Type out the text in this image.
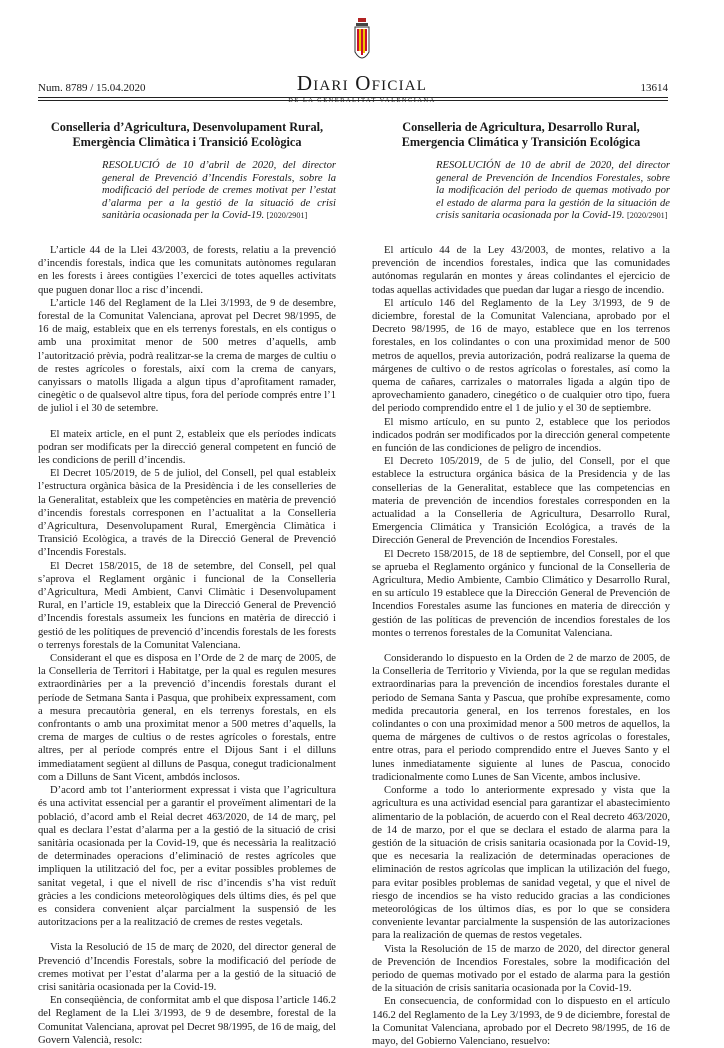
Num. 8789 / 15.04.2020	Diari Oficial
DE LA GENERALITAT VALENCIANA
13614
Conselleria d’Agricultura, Desenvolupament Rural, Emergència Climàtica i Transició Ecològica
RESOLUCIÓ de 10 d’abril de 2020, del director general de Prevenció d’Incendis Forestals, sobre la modificació del període de cremes motivat per l’estat d’alarma per a la gestió de la situació de crisi sanitària ocasionada per la Covid-19. [2020/2901]

L’article 44 de la Llei 43/2003, de forests, relatiu a la prevenció d’incendis forestals, indica que les comunitats autònomes regularan en les forests i àrees contigües l’exercici de totes aquelles activitats que puguen donar lloc a risc d’incendi.

L’article 146 del Reglament de la Llei 3/1993, de 9 de desembre, forestal de la Comunitat Valenciana, aprovat pel Decret 98/1995, de 16 de maig, estableix que en els terrenys forestals, en els contigus o amb una proximitat menor de 500 metres d’aquells, amb l’autorització prèvia, podrà realitzar-se la crema de marges de cultiu o de restes agrícoles o forestals, així com la crema de canyars, canyissars o matolls lligada a algun tipus d’aprofitament ramader, cinegètic o de qualsevol altre tipus, fora del període comprés entre l’1 de juliol i el 30 de setembre.

El mateix article, en el punt 2, estableix que els períodes indicats podran ser modificats per la direcció general competent en funció de les condicions de perill d’incendis.

El Decret 105/2019, de 5 de juliol, del Consell, pel qual estableix l’estructura orgànica bàsica de la Presidència i de les conselleries de la Generalitat, estableix que les competències en matèria de prevenció d’incendis forestals corresponen en l’actualitat a la Conselleria d’Agricultura, Desenvolupament Rural, Emergència Climàtica i Transició Ecològica, a través de la Direcció General de Prevenció d’Incendis Forestals.

El Decret 158/2015, de 18 de setembre, del Consell, pel qual s’aprova el Reglament orgànic i funcional de la Conselleria d’Agricultura, Medi Ambient, Canvi Climàtic i Desenvolupament Rural, en l’article 19, estableix que la Direcció General de Prevenció d’Incendis forestals assumeix les funcions en matèria de direcció i gestió de les polítiques de prevenció d’incendis forestals de les forests o terrenys forestals de la Comunitat Valenciana.

Considerant el que es disposa en l’Orde de 2 de març de 2005, de la Conselleria de Territori i Habitatge, per la qual es regulen mesures extraordinàries per a la prevenció d’incendis forestals durant el període de Setmana Santa i Pasqua, que prohibeix expressament, com a mesura precautòria general, en els terrenys forestals, en els confrontants o amb una proximitat menor a 500 metres d’aquells, la crema de marges de cultius o de restes agrícoles o forestals, entre altres, per al període comprés entre el Dijous Sant i el dilluns immediatament següent al dilluns de Pasqua, conegut tradicionalment com a Dilluns de Sant Vicent, ambdós inclosos.

D’acord amb tot l’anteriorment expressat i vista que l’agricultura és una activitat essencial per a garantir el proveïment alimentari de la població, d’acord amb el Reial decret 463/2020, de 14 de març, pel qual es declara l’estat d’alarma per a la gestió de la situació de crisi sanitària ocasionada per la Covid-19, que és necessària la realització de determinades operacions d’eliminació de restes agrícoles que impliquen la utilització del foc, per a evitar possibles problemes de sanitat vegetal, i que el nivell de risc d’incendis s’ha vist reduït gràcies a les condicions meteorològiques dels últims dies, és pel que es considera convenient alçar parcialment la suspensió de les autoritzacions per a la realització de cremes de restes vegetals.

Vista la Resolució de 15 de març de 2020, del director general de Prevenció d’Incendis Forestals, sobre la modificació del període de cremes motivat per l’estat d’alarma per a la gestió de la situació de crisi sanitària ocasionada per la Covid-19.

En conseqüència, de conformitat amb el que disposa l’article 146.2 del Reglament de la Llei 3/1993, de 9 de desembre, forestal de la Comunitat Valenciana, aprovat pel Decret 98/1995, de 16 de maig, del Govern Valencià, resolc:

Conselleria de Agricultura, Desarrollo Rural, Emergencia Climática y Transición Ecológica
RESOLUCIÓN de 10 de abril de 2020, del director general de Prevención de Incendios Forestales, sobre la modificación del periodo de quemas motivado por el estado de alarma para la gestión de la situación de crisis sanitaria ocasionada por la Covid-19. [2020/2901]

El artículo 44 de la Ley 43/2003, de montes, relativo a la prevención de incendios forestales, indica que las comunidades autónomas regularán en montes y áreas colindantes el ejercicio de todas aquellas actividades que puedan dar lugar a riesgo de incendio.

El artículo 146 del Reglamento de la Ley 3/1993, de 9 de diciembre, forestal de la Comunitat Valenciana, aprobado por el Decreto 98/1995, de 16 de mayo, establece que en los terrenos forestales, en los colindantes o con una proximidad menor de 500 metros de aquellos, previa autorización, podrá realizarse la quema de márgenes de cultivo o de restos agrícolas o forestales, así como la quema de cañares, carrizales o matorrales ligada a algún tipo de aprovechamiento ganadero, cinegético o de cualquier otro tipo, fuera del periodo comprendido entre el 1 de julio y el 30 de septiembre.

El mismo artículo, en su punto 2, establece que los periodos indicados podrán ser modificados por la dirección general competente en función de las condiciones de peligro de incendios.

El Decreto 105/2019, de 5 de julio, del Consell, por el que establece la estructura orgánica básica de la Presidencia y de las consellerias de la Generalitat, establece que las competencias en materia de prevención de incendios forestales corresponden en la actualidad a la Conselleria de Agricultura, Desarrollo Rural, Emergencia Climática y Transición Ecológica, a través de la Dirección General de Prevención de Incendios Forestales.

El Decreto 158/2015, de 18 de septiembre, del Consell, por el que se aprueba el Reglamento orgánico y funcional de la Conselleria de Agricultura, Medio Ambiente, Cambio Climático y Desarrollo Rural, en su artículo 19 establece que la Dirección General de Prevención de Incendios Forestales asume las funciones en materia de dirección y gestión de las políticas de prevención de incendios forestales de los montes o terrenos forestales de la Comunitat Valenciana.

Considerando lo dispuesto en la Orden de 2 de marzo de 2005, de la Conselleria de Territorio y Vivienda, por la que se regulan medidas extraordinarias para la prevención de incendios forestales durante el periodo de Semana Santa y Pascua, que prohíbe expresamente, como medida precautoria general, en los terrenos forestales, en los colindantes o con una proximidad menor a 500 metros de aquellos, la quema de márgenes de cultivos o de restos agrícolas o forestales, entre otras, para el periodo comprendido entre el Jueves Santo y el lunes inmediatamente siguiente al lunes de Pascua, conocido tradicionalmente como Lunes de San Vicente, ambos inclusive.

Conforme a todo lo anteriormente expresado y vista que la agricultura es una actividad esencial para garantizar el abastecimiento alimentario de la población, de acuerdo con el Real decreto 463/2020, de 14 de marzo, por el que se declara el estado de alarma para la gestión de la situación de crisis sanitaria ocasionada por la Covid-19, que es necesaria la realización de determinadas operaciones de eliminación de restos agrícolas que implican la utilización del fuego, para evitar posibles problemas de sanidad vegetal, y que el nivel de riesgo de incendios se ha visto reducido gracias a las condiciones meteorológicas de los últimos días, es por lo que se considera conveniente levantar parcialmente la suspensión de las autorizaciones para la realización de quemas de restos vegetales.

Vista la Resolución de 15 de marzo de 2020, del director general de Prevención de Incendios Forestales, sobre la modificación del periodo de quemas motivado por el estado de alarma para la gestión de la situación de crisis sanitaria ocasionada por la Covid-19.

En consecuencia, de conformidad con lo dispuesto en el artículo 146.2 del Reglamento de la Ley 3/1993, de 9 de diciembre, forestal de la Comunitat Valenciana, aprobado por el Decreto 98/1995, de 16 de mayo, del Gobierno Valenciano, resuelvo:
